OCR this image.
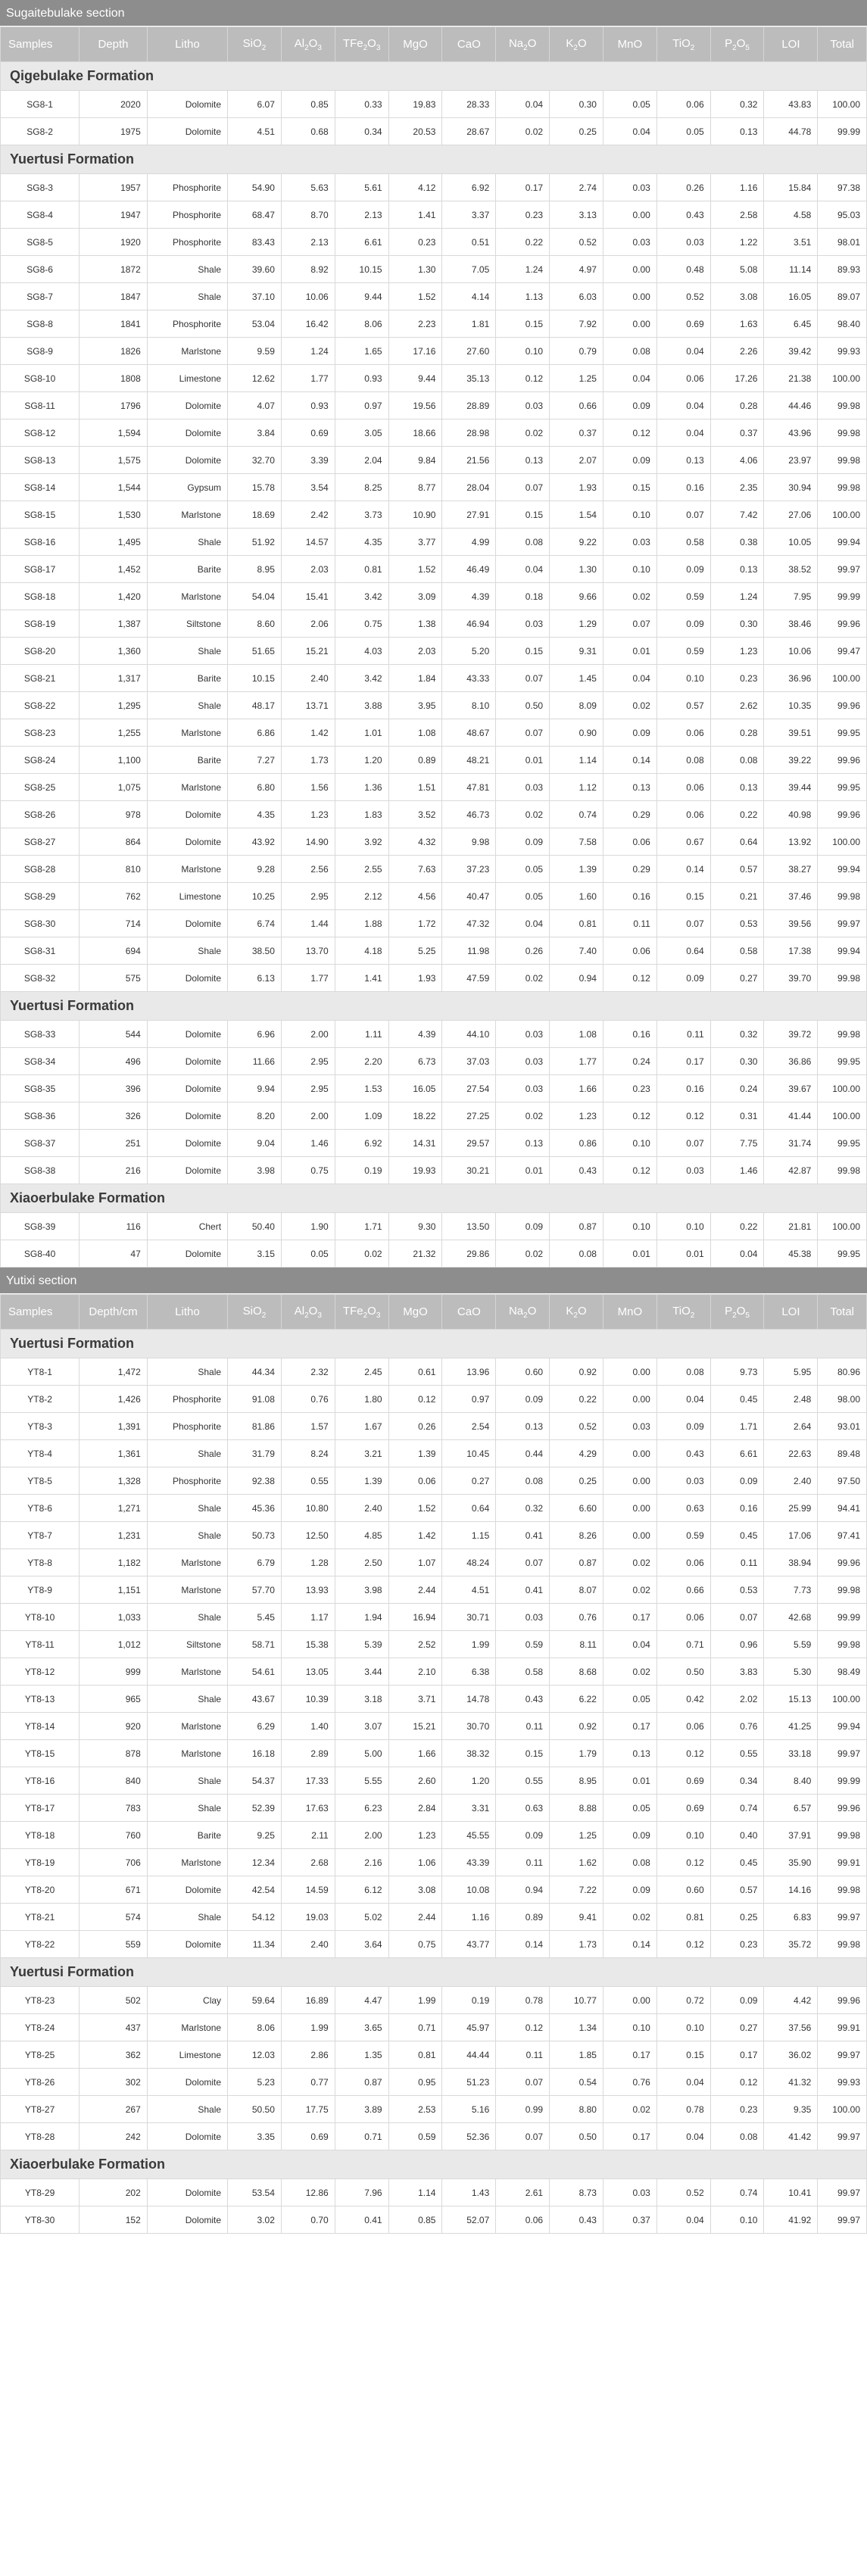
Sugaitebulake section
Samples	Depth	Litho	SiO$_2$	$Al_2O_3$	$TFe_2O_3$	MgO	CaO	$Na_2O$	$K_2O$	MnO	TiO$_2$	$P_2O_5$	LOI	Total
Qigebulake Formation														
SG8-1	2020	Dolomite	6.07	0.85	0.33	19.83	28.33	0.04	0.30	0.05	0.06	0.32	43.83	100.00
SG8-2	1975	Dolomite	4.51	0.68	0.34	20.53	28.67	0.02	0.25	0.04	0.05	0.13	44.78	99.99
Yuertusi Formation														
SG8-3	1957	Phosphorite	54.90	5.63	5.61	4.12	6.92	0.17	2.74	0.03	0.26	1.16	15.84	97.38
SG8-4	1947	Phosphorite	68.47	8.70	2.13	1.41	3.37	0.23	3.13	0.00	0.43	2.58	4.58	95.03
SG8-5	1920	Phosphorite	83.43	2.13	6.61	0.23	0.51	0.22	0.52	0.03	0.03	1.22	3.51	98.01
SG8-6	1872	Shale	39.60	8.92	10.15	1.30	7.05	1.24	4.97	0.00	0.48	5.08	11.14	89.93
SG8-7	1847	Shale	37.10	10.06	9.44	1.52	4.14	1.13	6.03	0.00	0.52	3.08	16.05	89.07
SG8-8	1841	Phosphorite	53.04	16.42	8.06	2.23	1.81	0.15	7.92	0.00	0.69	1.63	6.45	98.40
SG8-9	1826	Marlstone	9.59	1.24	1.65	17.16	27.60	0.10	0.79	0.08	0.04	2.26	39.42	99.93
SG8-10	1808	Limestone	12.62	1.77	0.93	9.44	35.13	0.12	1.25	0.04	0.06	17.26	21.38	100.00
SG8-11	1796	Dolomite	4.07	0.93	0.97	19.56	28.89	0.03	0.66	0.09	0.04	0.28	44.46	99.98
SG8-12	1,594	Dolomite	3.84	0.69	3.05	18.66	28.98	0.02	0.37	0.12	0.04	0.37	43.96	99.98
SG8-13	1,575	Dolomite	32.70	3.39	2.04	9.84	21.56	0.13	2.07	0.09	0.13	4.06	23.97	99.98
SG8-14	1,544	Gypsum	15.78	3.54	8.25	8.77	28.04	0.07	1.93	0.15	0.16	2.35	30.94	99.98
SG8-15	1,530	Marlstone	18.69	2.42	3.73	10.90	27.91	0.15	1.54	0.10	0.07	7.42	27.06	100.00
SG8-16	1,495	Shale	51.92	14.57	4.35	3.77	4.99	0.08	9.22	0.03	0.58	0.38	10.05	99.94
SG8-17	1,452	Barite	8.95	2.03	0.81	1.52	46.49	0.04	1.30	0.10	0.09	0.13	38.52	99.97
SG8-18	1,420	Marlstone	54.04	15.41	3.42	3.09	4.39	0.18	9.66	0.02	0.59	1.24	7.95	99.99
SG8-19	1,387	Siltstone	8.60	2.06	0.75	1.38	46.94	0.03	1.29	0.07	0.09	0.30	38.46	99.96
SG8-20	1,360	Shale	51.65	15.21	4.03	2.03	5.20	0.15	9.31	0.01	0.59	1.23	10.06	99.47
SG8-21	1,317	Barite	10.15	2.40	3.42	1.84	43.33	0.07	1.45	0.04	0.10	0.23	36.96	100.00
SG8-22	1,295	Shale	48.17	13.71	3.88	3.95	8.10	0.50	8.09	0.02	0.57	2.62	10.35	99.96
SG8-23	1,255	Marlstone	6.86	1.42	1.01	1.08	48.67	0.07	0.90	0.09	0.06	0.28	39.51	99.95
SG8-24	1,100	Barite	7.27	1.73	1.20	0.89	48.21	0.01	1.14	0.14	0.08	0.08	39.22	99.96
SG8-25	1,075	Marlstone	6.80	1.56	1.36	1.51	47.81	0.03	1.12	0.13	0.06	0.13	39.44	99.95
SG8-26	978	Dolomite	4.35	1.23	1.83	3.52	46.73	0.02	0.74	0.29	0.06	0.22	40.98	99.96
SG8-27	864	Dolomite	43.92	14.90	3.92	4.32	9.98	0.09	7.58	0.06	0.67	0.64	13.92	100.00
SG8-28	810	Marlstone	9.28	2.56	2.55	7.63	37.23	0.05	1.39	0.29	0.14	0.57	38.27	99.94
SG8-29	762	Limestone	10.25	2.95	2.12	4.56	40.47	0.05	1.60	0.16	0.15	0.21	37.46	99.98
SG8-30	714	Dolomite	6.74	1.44	1.88	1.72	47.32	0.04	0.81	0.11	0.07	0.53	39.56	99.97
SG8-31	694	Shale	38.50	13.70	4.18	5.25	11.98	0.26	7.40	0.06	0.64	0.58	17.38	99.94
SG8-32	575	Dolomite	6.13	1.77	1.41	1.93	47.59	0.02	0.94	0.12	0.09	0.27	39.70	99.98
Yuertusi Formation														
SG8-33	544	Dolomite	6.96	2.00	1.11	4.39	44.10	0.03	1.08	0.16	0.11	0.32	39.72	99.98
SG8-34	496	Dolomite	11.66	2.95	2.20	6.73	37.03	0.03	1.77	0.24	0.17	0.30	36.86	99.95
SG8-35	396	Dolomite	9.94	2.95	1.53	16.05	27.54	0.03	1.66	0.23	0.16	0.24	39.67	100.00
SG8-36	326	Dolomite	8.20	2.00	1.09	18.22	27.25	0.02	1.23	0.12	0.12	0.31	41.44	100.00
SG8-37	251	Dolomite	9.04	1.46	6.92	14.31	29.57	0.13	0.86	0.10	0.07	7.75	31.74	99.95
SG8-38	216	Dolomite	3.98	0.75	0.19	19.93	30.21	0.01	0.43	0.12	0.03	1.46	42.87	99.98
Xiaoerbulake Formation														
SG8-39	116	Chert	50.40	1.90	1.71	9.30	13.50	0.09	0.87	0.10	0.10	0.22	21.81	100.00
SG8-40	47	Dolomite	3.15	0.05	0.02	21.32	29.86	0.02	0.08	0.01	0.01	0.04	45.38	99.95
Yutixi section
Samples	Depth/cm	Litho	SiO$_2$	$Al_2O_3$	$TFe_2O_3$	MgO	CaO	$Na_2O$	$K_2O$	MnO	TiO$_2$	$P_2O_5$	LOI	Total
Yuertusi Formation														
YT8-1	1,472	Shale	44.34	2.32	2.45	0.61	13.96	0.60	0.92	0.00	0.08	9.73	5.95	80.96
YT8-2	1,426	Phosphorite	91.08	0.76	1.80	0.12	0.97	0.09	0.22	0.00	0.04	0.45	2.48	98.00
YT8-3	1,391	Phosphorite	81.86	1.57	1.67	0.26	2.54	0.13	0.52	0.03	0.09	1.71	2.64	93.01
YT8-4	1,361	Shale	31.79	8.24	3.21	1.39	10.45	0.44	4.29	0.00	0.43	6.61	22.63	89.48
YT8-5	1,328	Phosphorite	92.38	0.55	1.39	0.06	0.27	0.08	0.25	0.00	0.03	0.09	2.40	97.50
YT8-6	1,271	Shale	45.36	10.80	2.40	1.52	0.64	0.32	6.60	0.00	0.63	0.16	25.99	94.41
YT8-7	1,231	Shale	50.73	12.50	4.85	1.42	1.15	0.41	8.26	0.00	0.59	0.45	17.06	97.41
YT8-8	1,182	Marlstone	6.79	1.28	2.50	1.07	48.24	0.07	0.87	0.02	0.06	0.11	38.94	99.96
YT8-9	1,151	Marlstone	57.70	13.93	3.98	2.44	4.51	0.41	8.07	0.02	0.66	0.53	7.73	99.98
YT8-10	1,033	Shale	5.45	1.17	1.94	16.94	30.71	0.03	0.76	0.17	0.06	0.07	42.68	99.99
YT8-11	1,012	Siltstone	58.71	15.38	5.39	2.52	1.99	0.59	8.11	0.04	0.71	0.96	5.59	99.98
YT8-12	999	Marlstone	54.61	13.05	3.44	2.10	6.38	0.58	8.68	0.02	0.50	3.83	5.30	98.49
YT8-13	965	Shale	43.67	10.39	3.18	3.71	14.78	0.43	6.22	0.05	0.42	2.02	15.13	100.00
YT8-14	920	Marlstone	6.29	1.40	3.07	15.21	30.70	0.11	0.92	0.17	0.06	0.76	41.25	99.94
YT8-15	878	Marlstone	16.18	2.89	5.00	1.66	38.32	0.15	1.79	0.13	0.12	0.55	33.18	99.97
YT8-16	840	Shale	54.37	17.33	5.55	2.60	1.20	0.55	8.95	0.01	0.69	0.34	8.40	99.99
YT8-17	783	Shale	52.39	17.63	6.23	2.84	3.31	0.63	8.88	0.05	0.69	0.74	6.57	99.96
YT8-18	760	Barite	9.25	2.11	2.00	1.23	45.55	0.09	1.25	0.09	0.10	0.40	37.91	99.98
YT8-19	706	Marlstone	12.34	2.68	2.16	1.06	43.39	0.11	1.62	0.08	0.12	0.45	35.90	99.91
YT8-20	671	Dolomite	42.54	14.59	6.12	3.08	10.08	0.94	7.22	0.09	0.60	0.57	14.16	99.98
YT8-21	574	Shale	54.12	19.03	5.02	2.44	1.16	0.89	9.41	0.02	0.81	0.25	6.83	99.97
YT8-22	559	Dolomite	11.34	2.40	3.64	0.75	43.77	0.14	1.73	0.14	0.12	0.23	35.72	99.98
Yuertusi Formation														
YT8-23	502	Clay	59.64	16.89	4.47	1.99	0.19	0.78	10.77	0.00	0.72	0.09	4.42	99.96
YT8-24	437	Marlstone	8.06	1.99	3.65	0.71	45.97	0.12	1.34	0.10	0.10	0.27	37.56	99.91
YT8-25	362	Limestone	12.03	2.86	1.35	0.81	44.44	0.11	1.85	0.17	0.15	0.17	36.02	99.97
YT8-26	302	Dolomite	5.23	0.77	0.87	0.95	51.23	0.07	0.54	0.76	0.04	0.12	41.32	99.93
YT8-27	267	Shale	50.50	17.75	3.89	2.53	5.16	0.99	8.80	0.02	0.78	0.23	9.35	100.00
YT8-28	242	Dolomite	3.35	0.69	0.71	0.59	52.36	0.07	0.50	0.17	0.04	0.08	41.42	99.97
Xiaoerbulake Formation														
YT8-29	202	Dolomite	53.54	12.86	7.96	1.14	1.43	2.61	8.73	0.03	0.52	0.74	10.41	99.97
YT8-30	152	Dolomite	3.02	0.70	0.41	0.85	52.07	0.06	0.43	0.37	0.04	0.10	41.92	99.97
